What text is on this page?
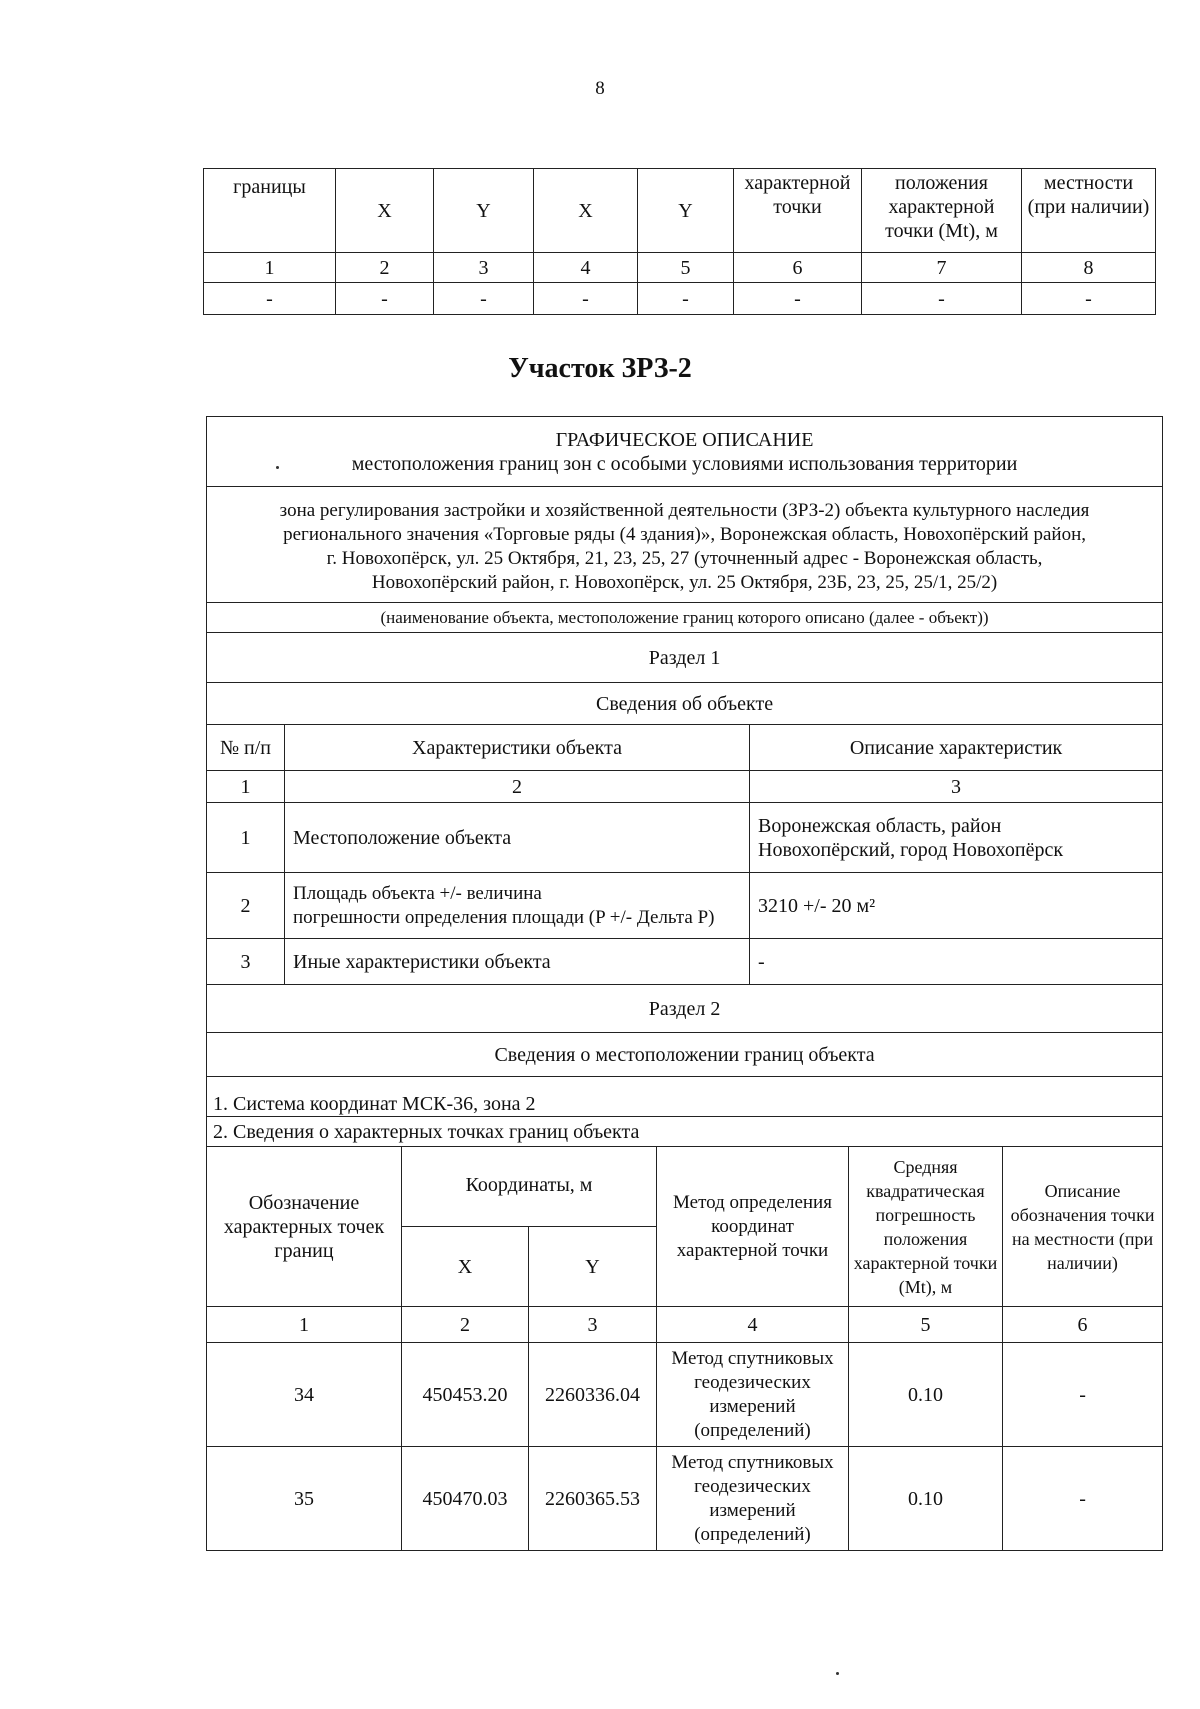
8
границы	X	Y	X	Y	характерной точки	положения характерной точки (Mt), м	местности (при наличии)
1	2	3	4	5	6	7	8
-	-	-	-	-	-	-	-
Участок ЗРЗ-2
ГРАФИЧЕСКОЕ ОПИСАНИЕ
местоположения границ зон с особыми условиями использования территории							

зона регулирования застройки и хозяйственной деятельности (ЗРЗ-2) объекта культурного наследия
регионального значения «Торговые ряды (4 здания)», Воронежская область, Новохопёрский район,
г. Новохопёрск, ул. 25 Октября, 21, 23, 25, 27 (уточненный адрес - Воронежская область,
Новохопёрский район, г. Новохопёрск, ул. 25 Октября, 23Б, 23, 25, 25/1, 25/2)							

(наименование объекта, местоположение границ которого описано (далее - объект))							
Раздел 1							
Сведения об объекте							
№ п/п	Характеристики объекта				Описание характеристик		
1	2				3		
1	Местоположение объекта				Воронежская область, район
Новохопёрский, город Новохопёрск		

2	Площадь объекта +/- величина
погрешности определения площади (P +/- Дельта P)				3210 +/- 20 м²		
3	Иные характеристики объекта				-		
Раздел 2							
Сведения о местоположении границ объекта							
1. Система координат МСК-36, зона 2							
2. Сведения о характерных точках границ объекта							
Обозначение характерных точек границ		Координаты, м		Метод определения координат характерной точки		Средняя квадратическая погрешность положения характерной точки (Mt), м	Описание обозначения точки на местности (при наличии)
		X	Y				
1		2	3	4		5	6
34		450453.20	2260336.04	Метод спутниковых геодезических измерений (определений)		0.10	-
35		450470.03	2260365.53	Метод спутниковых геодезических измерений (определений)		0.10	-
